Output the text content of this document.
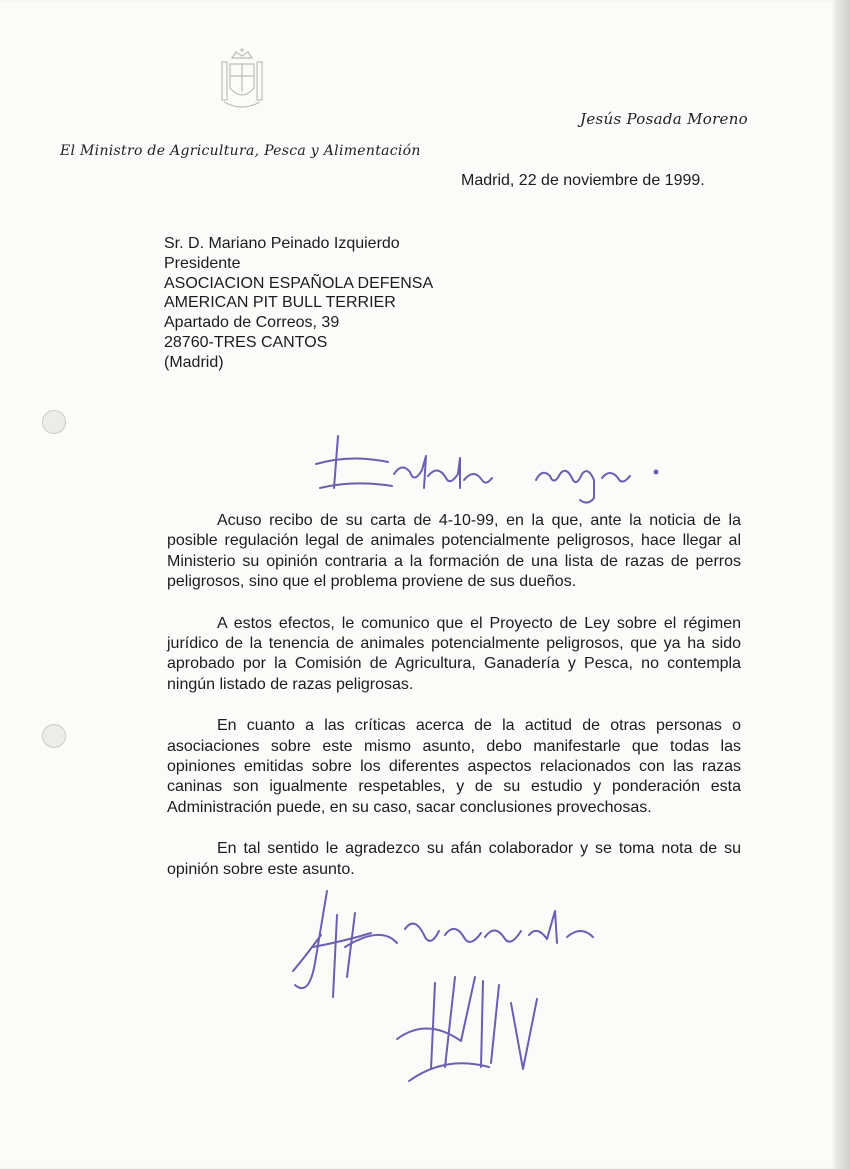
Jesús Posada Moreno
El Ministro de Agricultura, Pesca y Alimentación
Madrid, 22 de noviembre de 1999.
Sr. D. Mariano Peinado Izquierdo
Presidente
ASOCIACION ESPAÑOLA DEFENSA
AMERICAN PIT BULL TERRIER
Apartado de Correos, 39
28760-TRES CANTOS
(Madrid)

Acuso recibo de su carta de 4-10-99, en la que, ante la noticia de la posible regulación legal de animales potencialmente peligrosos, hace llegar al Ministerio su opinión contraria a la formación de una lista de razas de perros peligrosos, sino que el problema proviene de sus dueños.

A estos efectos, le comunico que el Proyecto de Ley sobre el régimen jurídico de la tenencia de animales potencialmente peligrosos, que ya ha sido aprobado por la Comisión de Agricultura, Ganadería y Pesca, no contempla ningún listado de razas peligrosas.

En cuanto a las críticas acerca de la actitud de otras personas o asociaciones sobre este mismo asunto, debo manifestarle que todas las opiniones emitidas sobre los diferentes aspectos relacionados con las razas caninas son igualmente respetables, y de su estudio y ponderación esta Administración puede, en su caso, sacar conclusiones provechosas.

En tal sentido le agradezco su afán colaborador y se toma nota de su opinión sobre este asunto.
